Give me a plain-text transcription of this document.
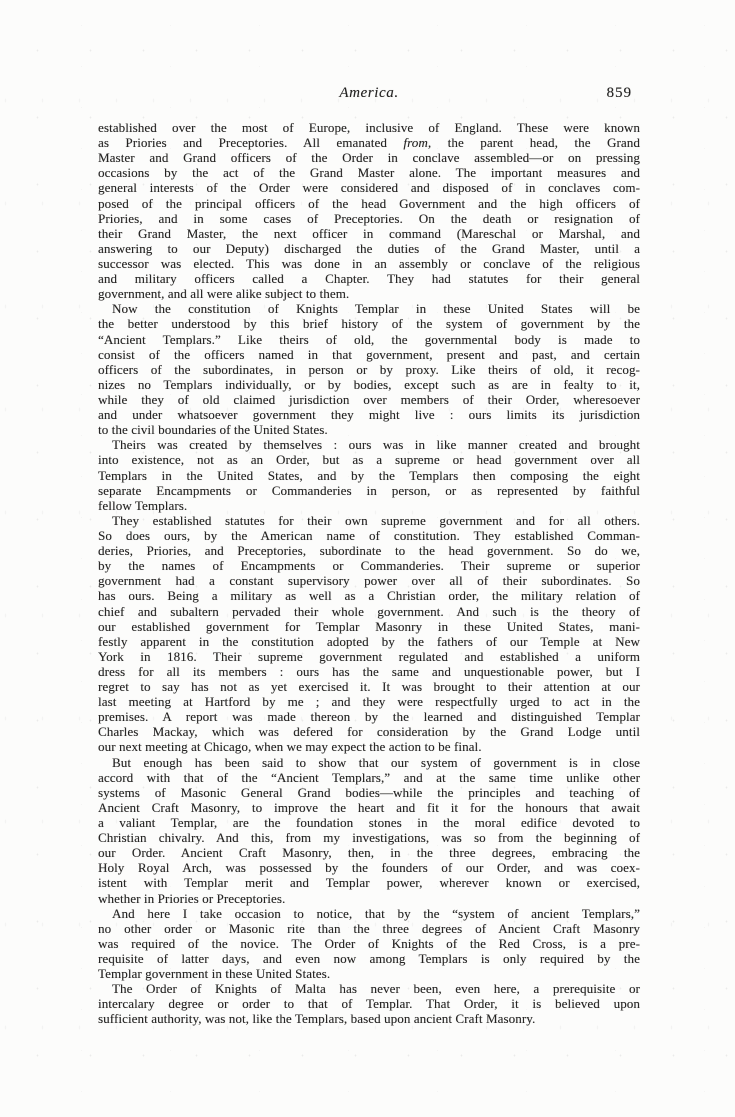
America.	859
established over the most of Europe, inclusive of England. These were known
as Priories and Preceptories. All emanated from, the parent head, the Grand
Master and Grand officers of the Order in conclave assembled—or on pressing
occasions by the act of the Grand Master alone. The important measures and
general interests of the Order were considered and disposed of in conclaves com-
posed of the principal officers of the head Government and the high officers of
Priories, and in some cases of Preceptories. On the death or resignation of
their Grand Master, the next officer in command (Mareschal or Marshal, and
answering to our Deputy) discharged the duties of the Grand Master, until a
successor was elected. This was done in an assembly or conclave of the religious
and military officers called a Chapter. They had statutes for their general
government, and all were alike subject to them.
Now the constitution of Knights Templar in these United States will be
the better understood by this brief history of the system of government by the
“Ancient Templars.” Like theirs of old, the governmental body is made to
consist of the officers named in that government, present and past, and certain
officers of the subordinates, in person or by proxy. Like theirs of old, it recog-
nizes no Templars individually, or by bodies, except such as are in fealty to it,
while they of old claimed jurisdiction over members of their Order, wheresoever
and under whatsoever government they might live : ours limits its jurisdiction
to the civil boundaries of the United States.
Theirs was created by themselves : ours was in like manner created and brought
into existence, not as an Order, but as a supreme or head government over all
Templars in the United States, and by the Templars then composing the eight
separate Encampments or Commanderies in person, or as represented by faithful
fellow Templars.
They established statutes for their own supreme government and for all others.
So does ours, by the American name of constitution. They established Comman-
deries, Priories, and Preceptories, subordinate to the head government. So do we,
by the names of Encampments or Commanderies. Their supreme or superior
government had a constant supervisory power over all of their subordinates. So
has ours. Being a military as well as a Christian order, the military relation of
chief and subaltern pervaded their whole government. And such is the theory of
our established government for Templar Masonry in these United States, mani-
festly apparent in the constitution adopted by the fathers of our Temple at New
York in 1816. Their supreme government regulated and established a uniform
dress for all its members : ours has the same and unquestionable power, but I
regret to say has not as yet exercised it. It was brought to their attention at our
last meeting at Hartford by me ; and they were respectfully urged to act in the
premises. A report was made thereon by the learned and distinguished Templar
Charles Mackay, which was defered for consideration by the Grand Lodge until
our next meeting at Chicago, when we may expect the action to be final.
But enough has been said to show that our system of government is in close
accord with that of the “Ancient Templars,” and at the same time unlike other
systems of Masonic General Grand bodies—while the principles and teaching of
Ancient Craft Masonry, to improve the heart and fit it for the honours that await
a valiant Templar, are the foundation stones in the moral edifice devoted to
Christian chivalry. And this, from my investigations, was so from the beginning of
our Order. Ancient Craft Masonry, then, in the three degrees, embracing the
Holy Royal Arch, was possessed by the founders of our Order, and was coex-
istent with Templar merit and Templar power, wherever known or exercised,
whether in Priories or Preceptories.
And here I take occasion to notice, that by the “system of ancient Templars,”
no other order or Masonic rite than the three degrees of Ancient Craft Masonry
was required of the novice. The Order of Knights of the Red Cross, is a pre-
requisite of latter days, and even now among Templars is only required by the
Templar government in these United States.
The Order of Knights of Malta has never been, even here, a prerequisite or
intercalary degree or order to that of Templar. That Order, it is believed upon
sufficient authority, was not, like the Templars, based upon ancient Craft Masonry.
